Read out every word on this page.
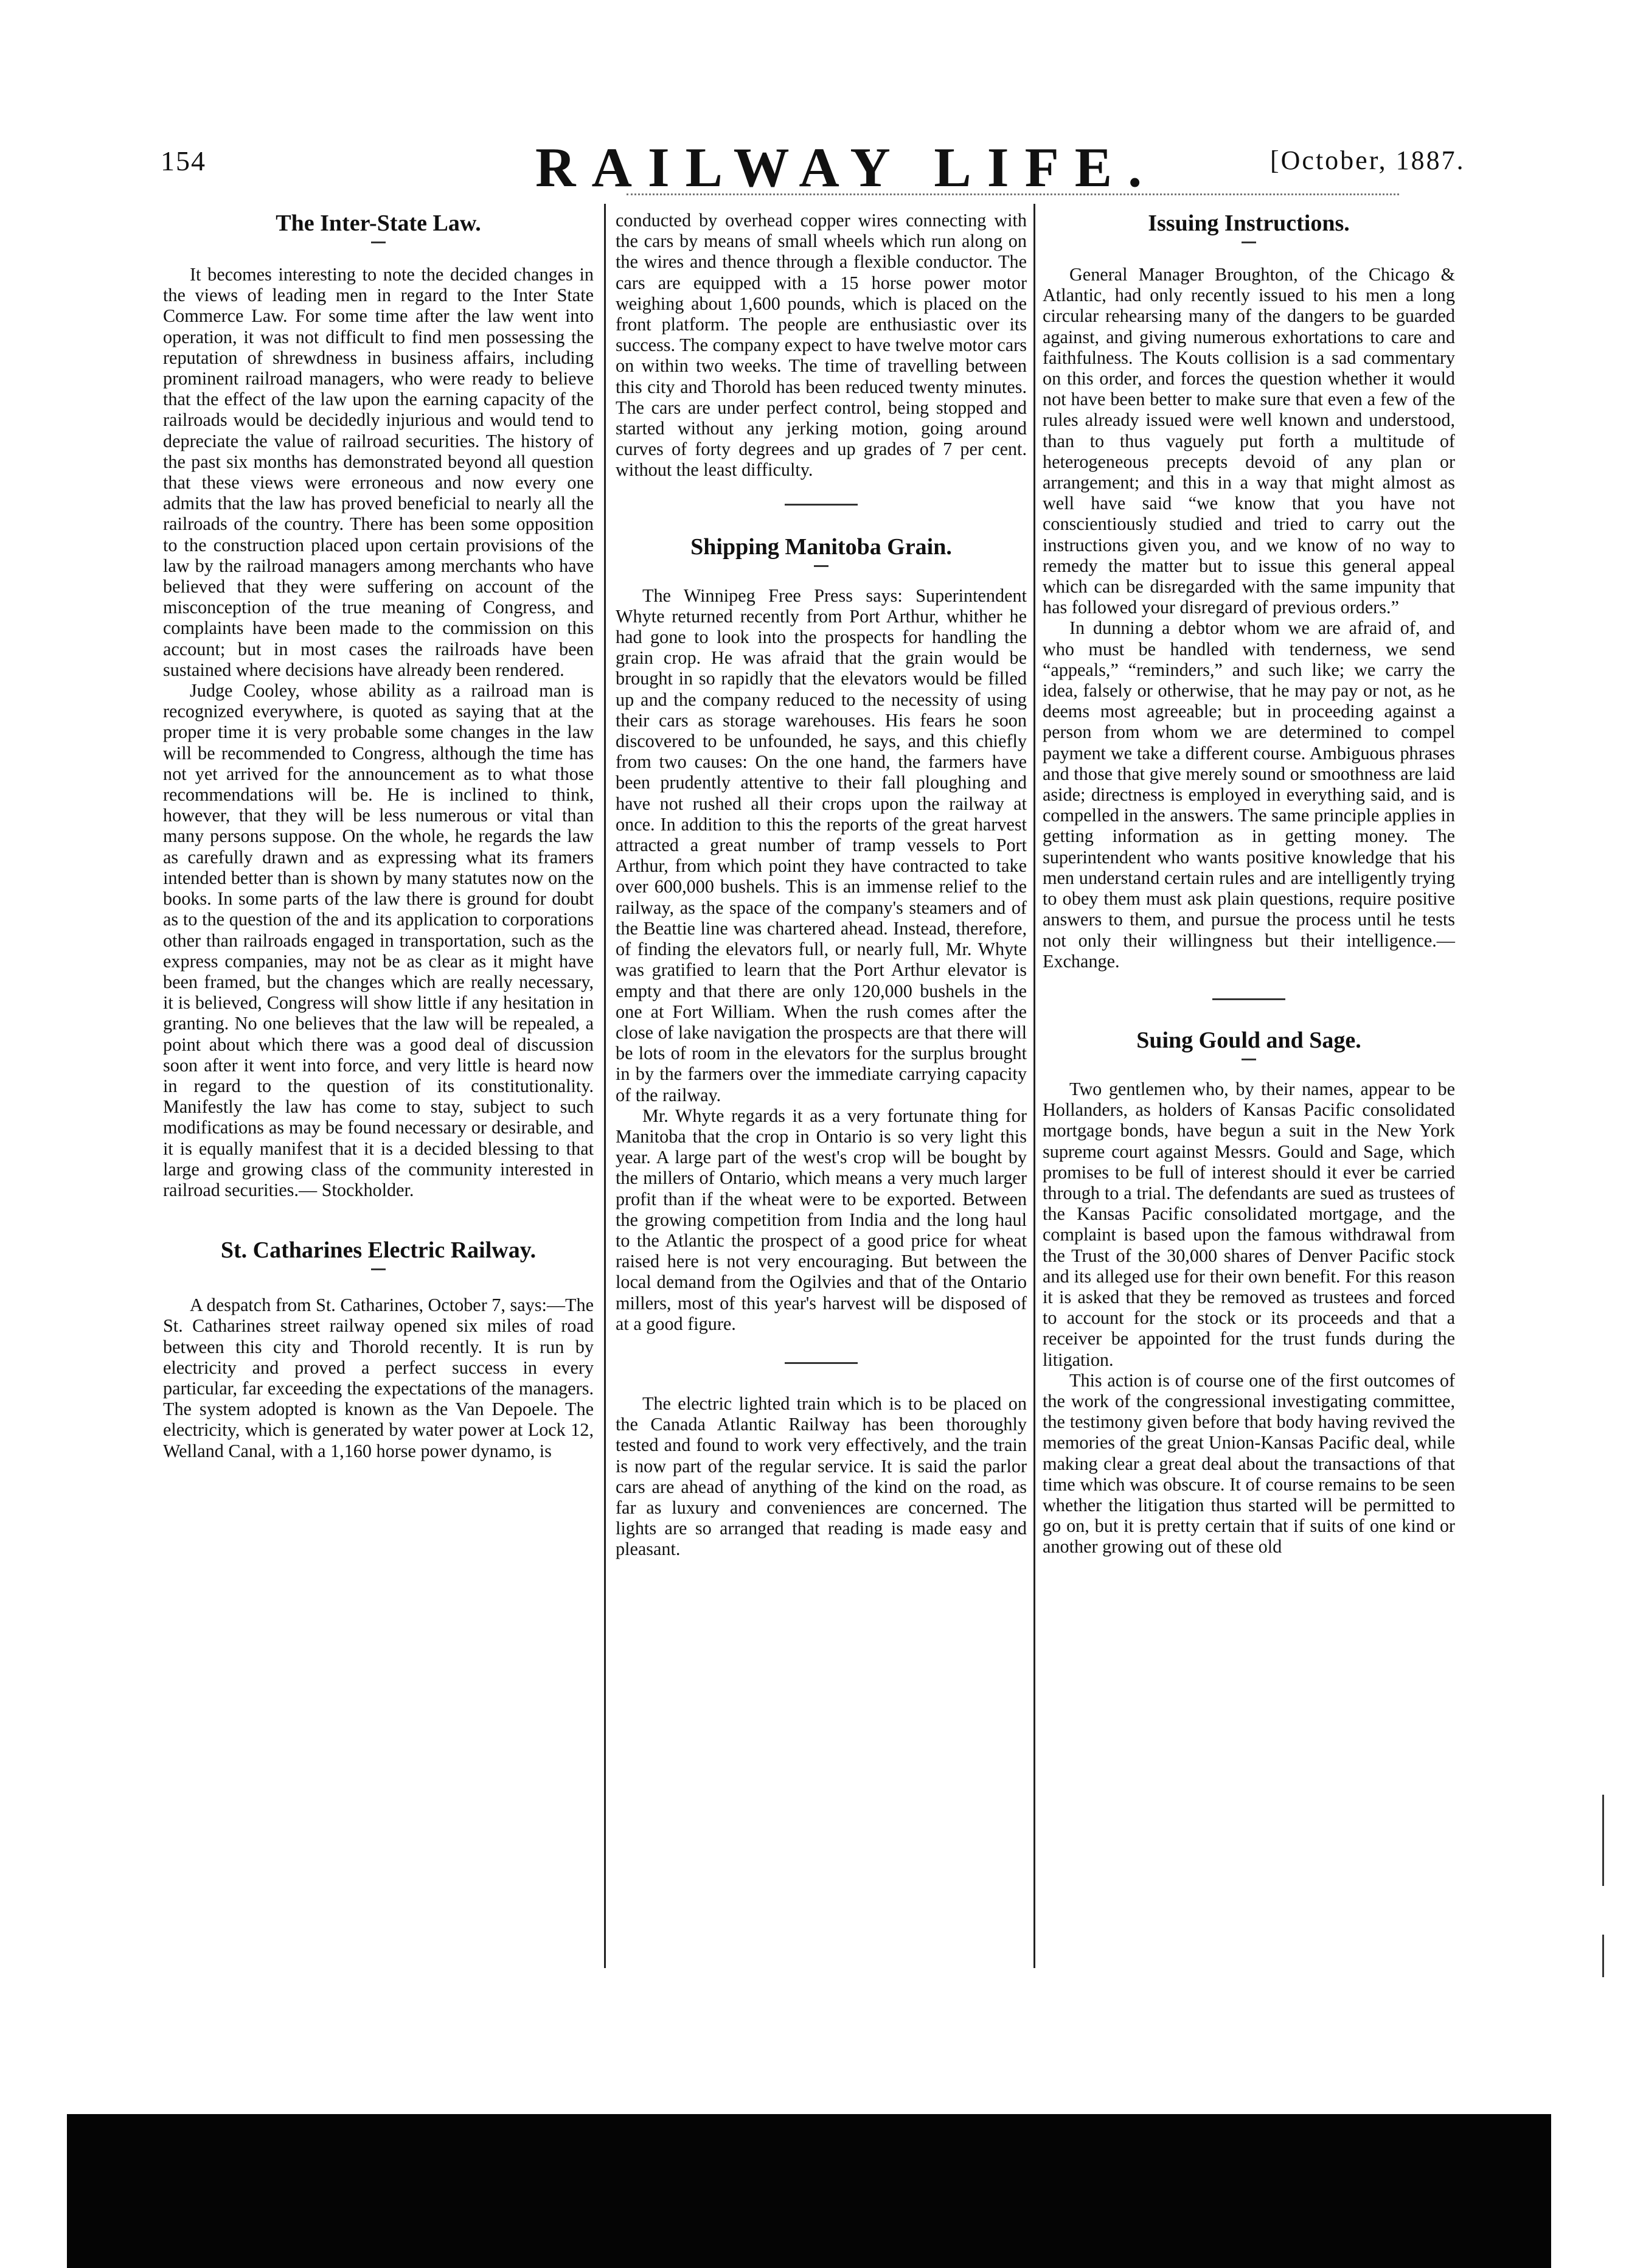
154	RAILWAY LIFE.	[October, 1887.
The Inter-State Law.

It becomes interesting to note the decided changes in the views of leading men in regard to the Inter State Commerce Law. For some time after the law went into operation, it was not difficult to find men possessing the reputation of shrewdness in business affairs, including prominent railroad managers, who were ready to believe that the effect of the law upon the earning capacity of the railroads would be decidedly injurious and would tend to depreciate the value of railroad securities. The history of the past six months has demonstrated beyond all question that these views were erroneous and now every one admits that the law has proved beneficial to nearly all the railroads of the country. There has been some opposition to the construction placed upon certain provisions of the law by the railroad managers among merchants who have believed that they were suffering on account of the misconception of the true meaning of Congress, and complaints have been made to the commission on this account; but in most cases the railroads have been sustained where decisions have already been rendered.

Judge Cooley, whose ability as a railroad man is recognized everywhere, is quoted as saying that at the proper time it is very probable some changes in the law will be recommended to Congress, although the time has not yet arrived for the announcement as to what those recommendations will be. He is inclined to think, however, that they will be less numerous or vital than many persons suppose. On the whole, he regards the law as carefully drawn and as expressing what its framers intended better than is shown by many statutes now on the books. In some parts of the law there is ground for doubt as to the question of the and its application to corporations other than railroads engaged in transportation, such as the express companies, may not be as clear as it might have been framed, but the changes which are really necessary, it is believed, Congress will show little if any hesitation in granting. No one believes that the law will be repealed, a point about which there was a good deal of discussion soon after it went into force, and very little is heard now in regard to the question of its constitutionality. Manifestly the law has come to stay, subject to such modifications as may be found necessary or desirable, and it is equally manifest that it is a decided blessing to that large and growing class of the community interested in railroad securities.— Stockholder.

St. Catharines Electric Railway.

A despatch from St. Catharines, October 7, says:—The St. Catharines street railway opened six miles of road between this city and Thorold recently. It is run by electricity and proved a perfect success in every particular, far exceeding the expectations of the managers. The system adopted is known as the Van Depoele. The electricity, which is generated by water power at Lock 12, Welland Canal, with a 1,160 horse power dynamo, is

conducted by overhead copper wires connecting with the cars by means of small wheels which run along on the wires and thence through a flexible conductor. The cars are equipped with a 15 horse power motor weighing about 1,600 pounds, which is placed on the front platform. The people are enthusiastic over its success. The company expect to have twelve motor cars on within two weeks. The time of travelling between this city and Thorold has been reduced twenty minutes. The cars are under perfect control, being stopped and started without any jerking motion, going around curves of forty degrees and up grades of 7 per cent. without the least difficulty.

Shipping Manitoba Grain.

The Winnipeg Free Press says: Superintendent Whyte returned recently from Port Arthur, whither he had gone to look into the prospects for handling the grain crop. He was afraid that the grain would be brought in so rapidly that the elevators would be filled up and the company reduced to the necessity of using their cars as storage warehouses. His fears he soon discovered to be unfounded, he says, and this chiefly from two causes: On the one hand, the farmers have been prudently attentive to their fall ploughing and have not rushed all their crops upon the railway at once. In addition to this the reports of the great harvest attracted a great number of tramp vessels to Port Arthur, from which point they have contracted to take over 600,000 bushels. This is an immense relief to the railway, as the space of the company's steamers and of the Beattie line was chartered ahead. Instead, therefore, of finding the elevators full, or nearly full, Mr. Whyte was gratified to learn that the Port Arthur elevator is empty and that there are only 120,000 bushels in the one at Fort William. When the rush comes after the close of lake navigation the prospects are that there will be lots of room in the elevators for the surplus brought in by the farmers over the immediate carrying capacity of the railway.

Mr. Whyte regards it as a very fortunate thing for Manitoba that the crop in Ontario is so very light this year. A large part of the west's crop will be bought by the millers of Ontario, which means a very much larger profit than if the wheat were to be exported. Between the growing competition from India and the long haul to the Atlantic the prospect of a good price for wheat raised here is not very encouraging. But between the local demand from the Ogilvies and that of the Ontario millers, most of this year's harvest will be disposed of at a good figure.

The electric lighted train which is to be placed on the Canada Atlantic Railway has been thoroughly tested and found to work very effectively, and the train is now part of the regular service. It is said the parlor cars are ahead of anything of the kind on the road, as far as luxury and conveniences are concerned. The lights are so arranged that reading is made easy and pleasant.

Issuing Instructions.

General Manager Broughton, of the Chicago & Atlantic, had only recently issued to his men a long circular rehearsing many of the dangers to be guarded against, and giving numerous exhortations to care and faithfulness. The Kouts collision is a sad commentary on this order, and forces the question whether it would not have been better to make sure that even a few of the rules already issued were well known and understood, than to thus vaguely put forth a multitude of heterogeneous precepts devoid of any plan or arrangement; and this in a way that might almost as well have said “we know that you have not conscientiously studied and tried to carry out the instructions given you, and we know of no way to remedy the matter but to issue this general appeal which can be disregarded with the same impunity that has followed your disregard of previous orders.”

In dunning a debtor whom we are afraid of, and who must be handled with tenderness, we send “appeals,” “reminders,” and such like; we carry the idea, falsely or otherwise, that he may pay or not, as he deems most agreeable; but in proceeding against a person from whom we are determined to compel payment we take a different course. Ambiguous phrases and those that give merely sound or smoothness are laid aside; directness is employed in everything said, and is compelled in the answers. The same principle applies in getting information as in getting money. The superintendent who wants positive knowledge that his men understand certain rules and are intelligently trying to obey them must ask plain questions, require positive answers to them, and pursue the process until he tests not only their willingness but their intelligence.—Exchange.

Suing Gould and Sage.

Two gentlemen who, by their names, appear to be Hollanders, as holders of Kansas Pacific consolidated mortgage bonds, have begun a suit in the New York supreme court against Messrs. Gould and Sage, which promises to be full of interest should it ever be carried through to a trial. The defendants are sued as trustees of the Kansas Pacific consolidated mortgage, and the complaint is based upon the famous withdrawal from the Trust of the 30,000 shares of Denver Pacific stock and its alleged use for their own benefit. For this reason it is asked that they be removed as trustees and forced to account for the stock or its proceeds and that a receiver be appointed for the trust funds during the litigation.

This action is of course one of the first outcomes of the work of the congressional investigating committee, the testimony given before that body having revived the memories of the great Union-Kansas Pacific deal, while making clear a great deal about the transactions of that time which was obscure. It of course remains to be seen whether the litigation thus started will be permitted to go on, but it is pretty certain that if suits of one kind or another growing out of these old
